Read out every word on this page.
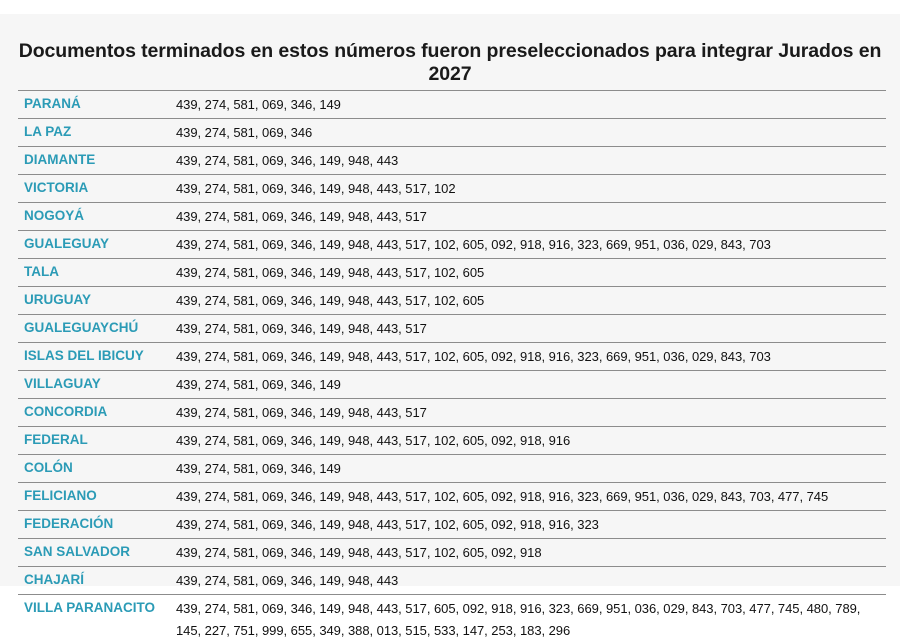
Documentos terminados en estos números fueron preseleccionados para integrar Jurados en 2027
PARANÁ	439, 274, 581, 069, 346, 149
LA PAZ	439, 274, 581, 069, 346
DIAMANTE	439, 274, 581, 069, 346, 149, 948, 443
VICTORIA	439, 274, 581, 069, 346, 149, 948, 443, 517, 102
NOGOYÁ	439, 274, 581, 069, 346, 149, 948, 443, 517
GUALEGUAY	439, 274, 581, 069, 346, 149, 948, 443, 517, 102, 605, 092, 918, 916, 323, 669, 951, 036, 029, 843, 703
TALA	439, 274, 581, 069, 346, 149, 948, 443, 517, 102, 605
URUGUAY	439, 274, 581, 069, 346, 149, 948, 443, 517, 102, 605
GUALEGUAYCHÚ	439, 274, 581, 069, 346, 149, 948, 443, 517
ISLAS DEL IBICUY	439, 274, 581, 069, 346, 149, 948, 443, 517, 102, 605, 092, 918, 916, 323, 669, 951, 036, 029, 843, 703
VILLAGUAY	439, 274, 581, 069, 346, 149
CONCORDIA	439, 274, 581, 069, 346, 149, 948, 443, 517
FEDERAL	439, 274, 581, 069, 346, 149, 948, 443, 517, 102, 605, 092, 918, 916
COLÓN	439, 274, 581, 069, 346, 149
FELICIANO	439, 274, 581, 069, 346, 149, 948, 443, 517, 102, 605, 092, 918, 916, 323, 669, 951, 036, 029, 843, 703, 477, 745
FEDERACIÓN	439, 274, 581, 069, 346, 149, 948, 443, 517, 102, 605, 092, 918, 916, 323
SAN SALVADOR	439, 274, 581, 069, 346, 149, 948, 443, 517, 102, 605, 092, 918
CHAJARÍ	439, 274, 581, 069, 346, 149, 948, 443
VILLA PARANACITO	439, 274, 581, 069, 346, 149, 948, 443, 517, 605, 092, 918, 916, 323, 669, 951, 036, 029, 843, 703, 477, 745, 480, 789, 145, 227, 751, 999, 655, 349, 388, 013, 515, 533, 147, 253, 183, 296
